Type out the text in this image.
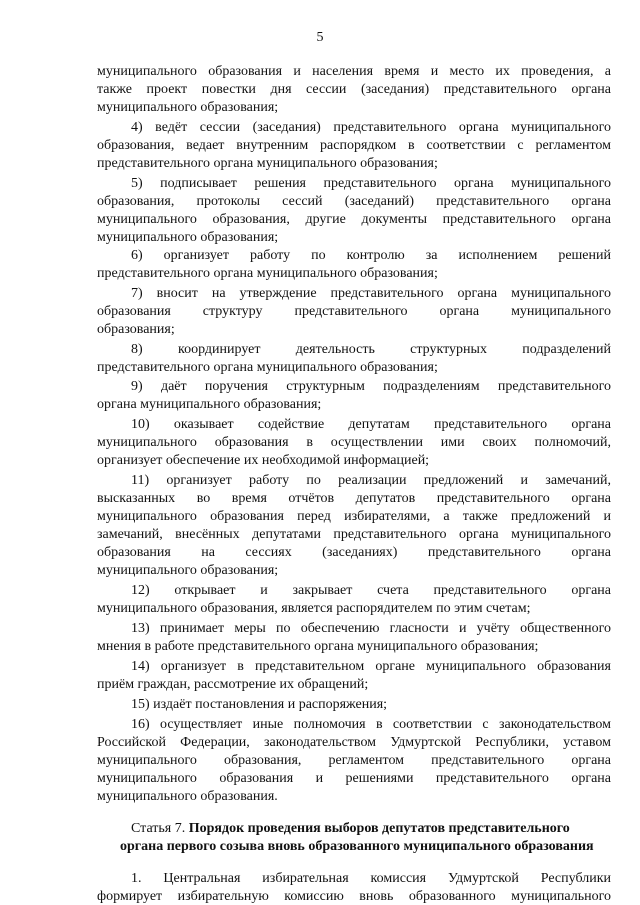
5
муниципального образования и населения время и место их проведения, а
также проект повестки дня сессии (заседания) представительного органа
муниципального образования;
4) ведёт сессии (заседания) представительного органа муниципального
образования, ведает внутренним распорядком в соответствии с регламентом
представительного органа муниципального образования;
5) подписывает решения представительного органа муниципального
образования, протоколы сессий (заседаний) представительного органа
муниципального образования, другие документы представительного органа
муниципального образования;
6) организует работу по контролю за исполнением решений
представительного органа муниципального образования;
7) вносит на утверждение представительного органа муниципального
образования структуру представительного органа муниципального
образования;
8) координирует деятельность структурных подразделений
представительного органа муниципального образования;
9) даёт поручения структурным подразделениям представительного
органа муниципального образования;
10) оказывает содействие депутатам представительного органа
муниципального образования в осуществлении ими своих полномочий,
организует обеспечение их необходимой информацией;
11) организует работу по реализации предложений и замечаний,
высказанных во время отчётов депутатов представительного органа
муниципального образования перед избирателями, а также предложений и
замечаний, внесённых депутатами представительного органа муниципального
образования на сессиях (заседаниях) представительного органа
муниципального образования;
12) открывает и закрывает счета представительного органа
муниципального образования, является распорядителем по этим счетам;
13) принимает меры по обеспечению гласности и учёту общественного
мнения в работе представительного органа муниципального образования;
14) организует в представительном органе муниципального образования
приём граждан, рассмотрение их обращений;
15) издаёт постановления и распоряжения;
16) осуществляет иные полномочия в соответствии с законодательством
Российской Федерации, законодательством Удмуртской Республики, уставом
муниципального образования, регламентом представительного органа
муниципального образования и решениями представительного органа
муниципального образования.
Статья 7. Порядок проведения выборов депутатов представительного
органа первого созыва вновь образованного муниципального образования
1. Центральная избирательная комиссия Удмуртской Республики
формирует избирательную комиссию вновь образованного муниципального
